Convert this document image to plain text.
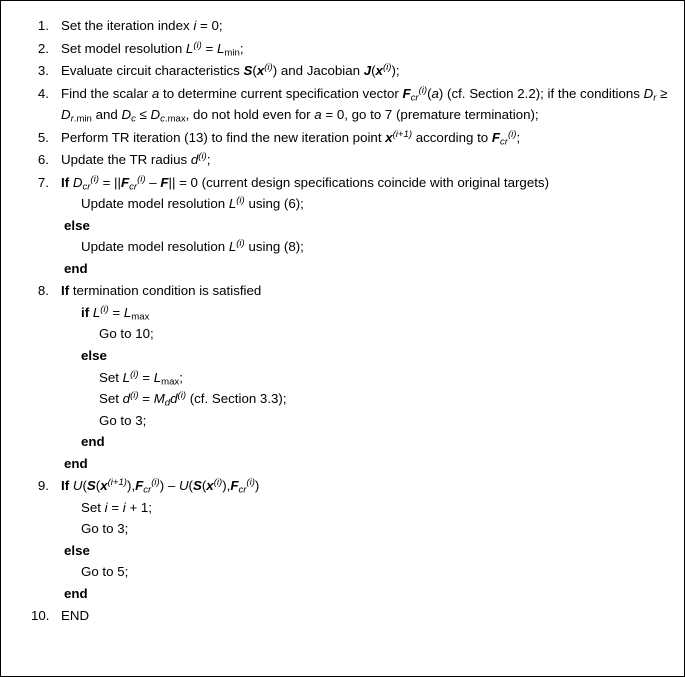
1. Set the iteration index i = 0;

2. Set model resolution $L^{(i)} = L_{min}$;

3. Evaluate circuit characteristics $S(x^{(i)})$ and Jacobian $J(x^{(i)})$;

4. Find the scalar a to determine current specification vector $F_{cr}^{(i)}(a)$ (cf. Section 2.2); if the conditions $D_r \ge D_{r.min}$ and $D_c \le D_{c.max}$, do not hold even for a = 0, go to 7 (premature termination);

5. Perform TR iteration (13) to find the new iteration point $x^{(i+1)}$ according to $F_{cr}^{(i)}$;

6. Update the TR radius $d^{(i)}$;

7. If $D_{cr}^{(i)} = ||F_{cr}^{(i)} - F|| = 0$ (current design specifications coincide with original targets)

Update model resolution $L^{(i)}$ using (6);

else

Update model resolution $L^{(i)}$ using (8);

end

8. If termination condition is satisfied

if $L^{(i)} = L_{max}$

Go to 10;

else

Set $L^{(i)} = L_{max}$;

Set $d^{(i)} = M_dd^{(i)}$ (cf. Section 3.3);

Go to 3;

end

end

9. If $U(S(x^{(i+1)}),F_{cr}^{(i)}) - U(S(x^{(i)}),F_{cr}^{(i)})$

Set i = i + 1;

Go to 3;

else

Go to 5;

end

10. END
